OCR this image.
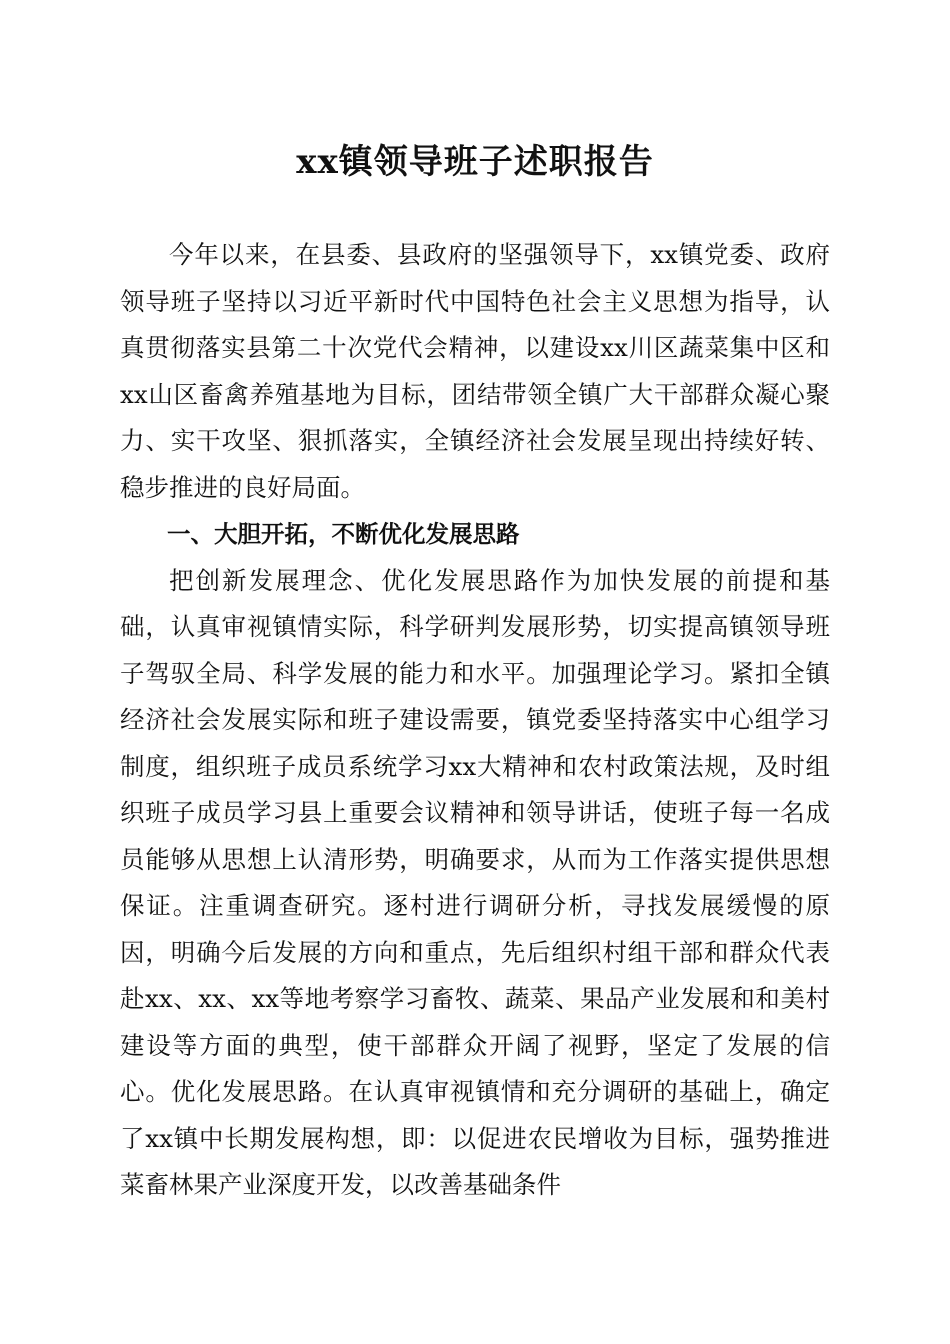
xx镇领导班子述职报告

今年以来，在县委、县政府的坚强领导下，xx镇党委、政府领导班子坚持以习近平新时代中国特色社会主义思想为指导，认真贯彻落实县第二十次党代会精神，以建设xx川区蔬菜集中区和xx山区畜禽养殖基地为目标，团结带领全镇广大干部群众凝心聚力、实干攻坚、狠抓落实，全镇经济社会发展呈现出持续好转、稳步推进的良好局面。

一、大胆开拓，不断优化发展思路

把创新发展理念、优化发展思路作为加快发展的前提和基础，认真审视镇情实际，科学研判发展形势，切实提高镇领导班子驾驭全局、科学发展的能力和水平。加强理论学习。紧扣全镇经济社会发展实际和班子建设需要，镇党委坚持落实中心组学习制度，组织班子成员系统学习xx大精神和农村政策法规，及时组织班子成员学习县上重要会议精神和领导讲话，使班子每一名成员能够从思想上认清形势，明确要求，从而为工作落实提供思想保证。注重调查研究。逐村进行调研分析，寻找发展缓慢的原因，明确今后发展的方向和重点，先后组织村组干部和群众代表赴xx、xx、xx等地考察学习畜牧、蔬菜、果品产业发展和和美村建设等方面的典型，使干部群众开阔了视野，坚定了发展的信心。优化发展思路。在认真审视镇情和充分调研的基础上，确定了xx镇中长期发展构想，即：以促进农民增收为目标，强势推进菜畜林果产业深度开发，以改善基础条件
